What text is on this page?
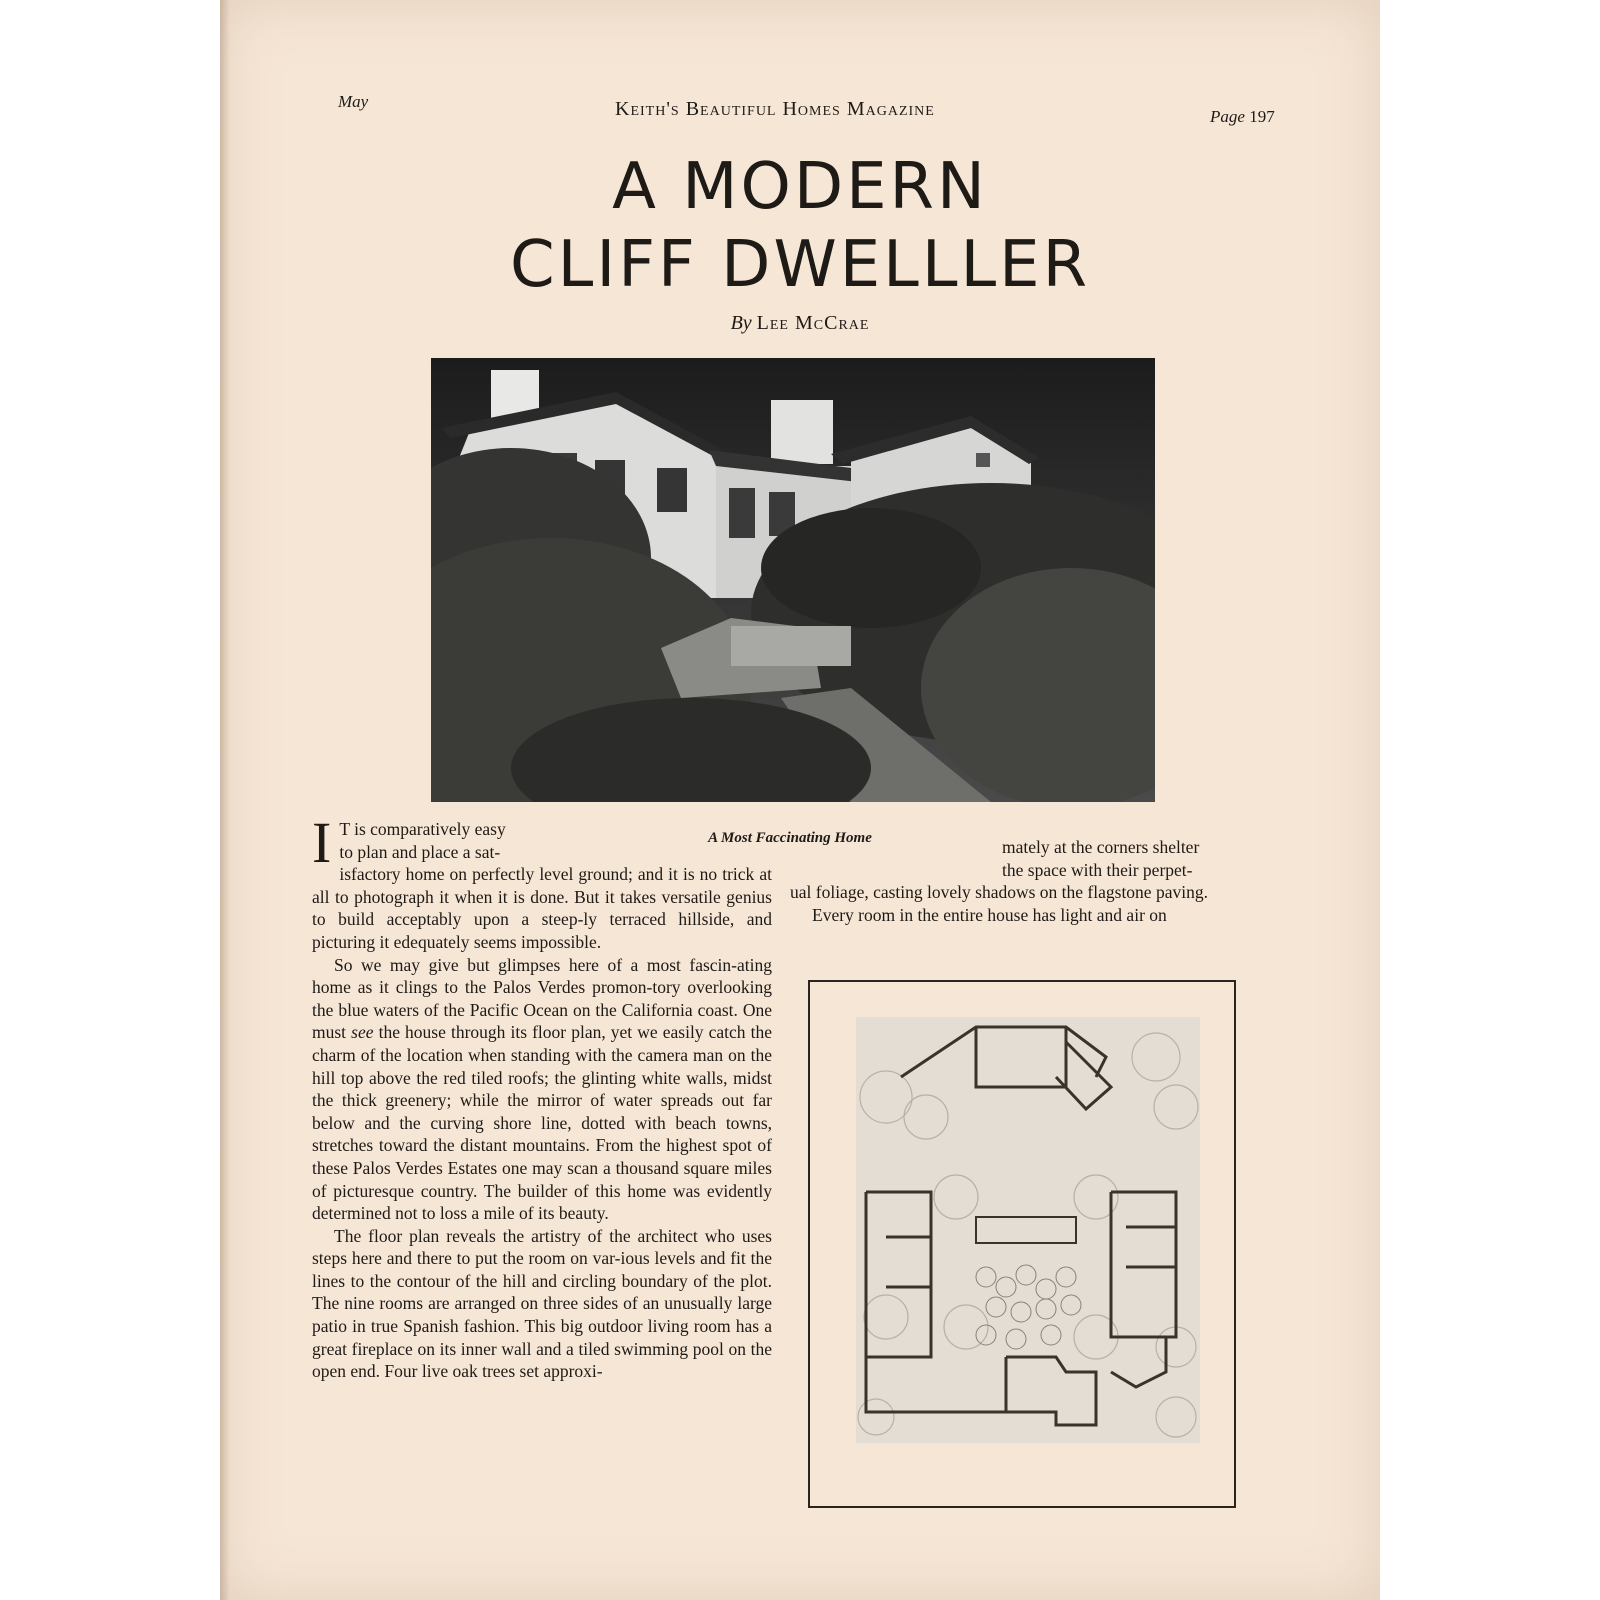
May	Keith's Beautiful Homes Magazine	Page 197
A MODERN
CLIFF DWELLLER
By Lee McCrae
A Most Faccinating Home

I T is comparatively easy
to plan and place a sat-
isfactory home on perfectly level ground; and it is no trick at all to photograph it when it is done. But it takes versatile genius to build acceptably upon a steep-ly terraced hillside, and picturing it edequately seems impossible.

So we may give but glimpses here of a most fascin-ating home as it clings to the Palos Verdes promon-tory overlooking the blue waters of the Pacific Ocean on the California coast. One must see the house through its floor plan, yet we easily catch the charm of the location when standing with the camera man on the hill top above the red tiled roofs; the glinting white walls, midst the thick greenery; while the mirror of water spreads out far below and the curving shore line, dotted with beach towns, stretches toward the distant mountains. From the highest spot of these Palos Verdes Estates one may scan a thousand square miles of picturesque country. The builder of this home was evidently determined not to loss a mile of its beauty.

The floor plan reveals the artistry of the architect who uses steps here and there to put the room on var-ious levels and fit the lines to the contour of the hill and circling boundary of the plot. The nine rooms are arranged on three sides of an unusually large patio in true Spanish fashion. This big outdoor living room has a great fireplace on its inner wall and a tiled swimming pool on the open end. Four live oak trees set approxi-

mately at the corners shelter
the space with their perpet-
ual foliage, casting lovely shadows on the flagstone paving.

Every room in the entire house has light and air on
